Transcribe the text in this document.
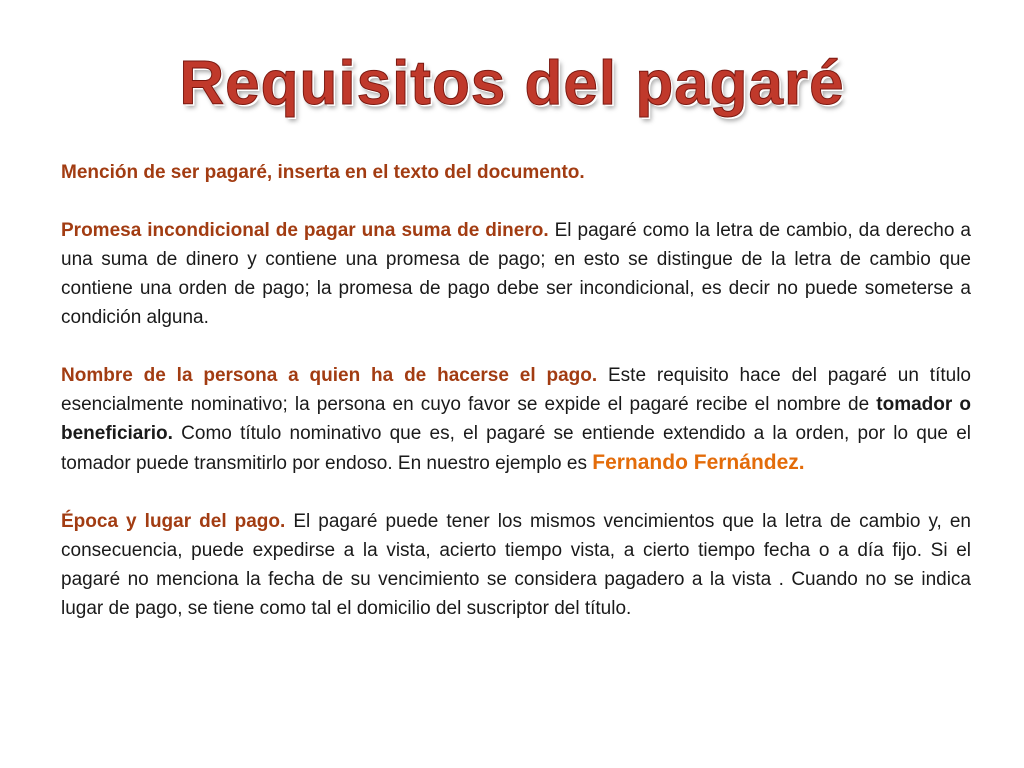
Requisitos del pagaré

Mención de ser pagaré, inserta en el texto del documento.

Promesa incondicional de pagar una suma de dinero. El pagaré como la letra de cambio, da derecho a una suma de dinero y contiene una promesa de pago; en esto se distingue de la letra de cambio que contiene una orden de pago; la promesa de pago debe ser incondicional, es decir no puede someterse a condición alguna.

Nombre de la persona a quien ha de hacerse el pago. Este requisito hace del pagaré un título esencialmente nominativo; la persona en cuyo favor se expide el pagaré recibe el nombre de tomador o beneficiario. Como título nominativo que es, el pagaré se entiende extendido a la orden, por lo que el tomador puede transmitirlo por endoso. En nuestro ejemplo es Fernando Fernández.

Época y lugar del pago. El pagaré puede tener los mismos vencimientos que la letra de cambio y, en consecuencia, puede expedirse a la vista, acierto tiempo vista, a cierto tiempo fecha o a día fijo. Si el pagaré no menciona la fecha de su vencimiento se considera pagadero a la vista . Cuando no se indica lugar de pago, se tiene como tal el domicilio del suscriptor del título.
